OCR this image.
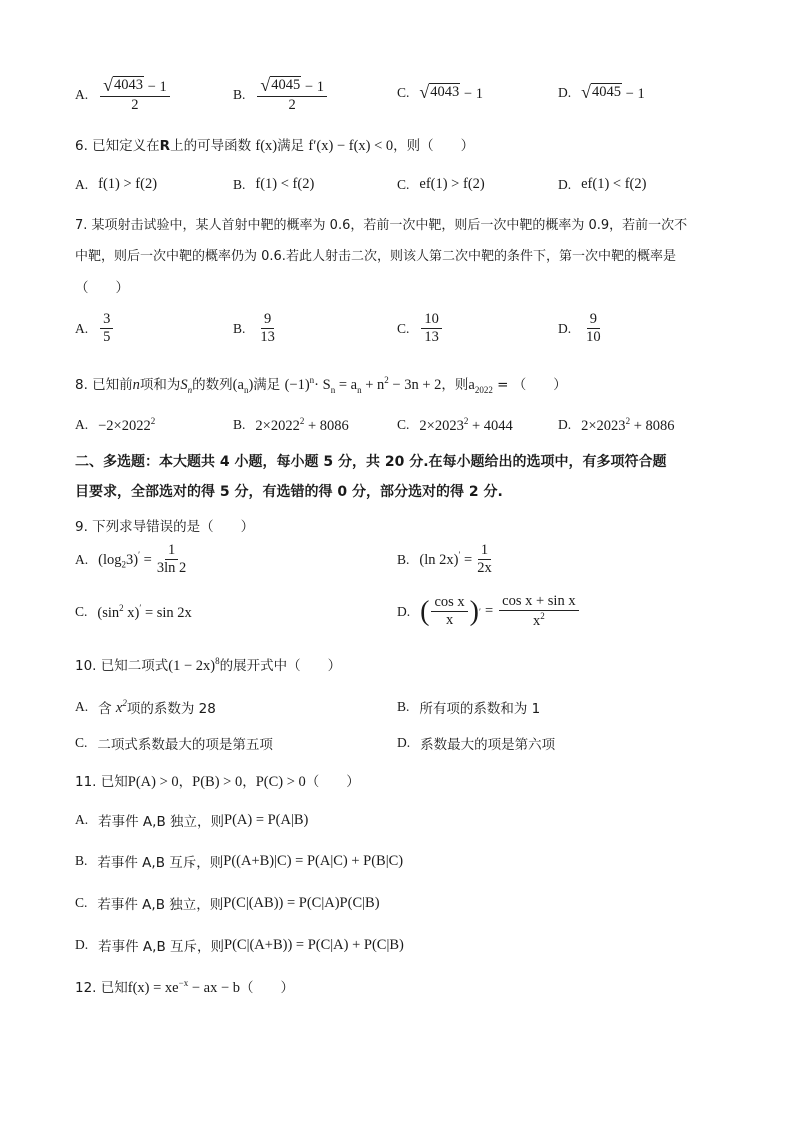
A. $\frac{√ 4043 - 1}{2}$	B. $\frac{√ 4045 - 1}{2}$	C. √ 4043 − 1	D. √ 4045 − 1
6. 已知定义在R上的可导函数 f(x)满足 f′(x) − f(x) < 0，则（　　）
A. f(1) > f(2)	B. f(1) < f(2)	C. ef(1) > f(2)	D. ef(1) < f(2)
7. 某项射击试验中，某人首射中靶的概率为 0.6，若前一次中靶，则后一次中靶的概率为 0.9，若前一次不
中靶，则后一次中靶的概率仍为 0.6.若此人射击二次，则该人第二次中靶的条件下，第一次中靶的概率是
（　　）
A. $\frac{3}{5}$	B. $\frac{9}{13}$	C. $\frac{10}{13}$	D. $\frac{9}{10}$
8. 已知前n项和为$S_n$的数列$(a_n)$满足 $(-1)^n\cdot S_n = a_n + n^2 - 3n + 2$，则$a_{2022}$ = （　　）
A. $-2\times 2022^2$	B. $2\times 2022^2 + 8086$	C. $2\times 2023^2 + 4044$	D. $2\times 2023^2 + 8086$
二、多选题：本大题共 4 小题，每小题 5 分，共 20 分.在每小题给出的选项中，有多项符合题
目要求，全部选对的得 5 分，有选错的得 0 分，部分选对的得 2 分.
9. 下列求导错误的是（　　）
A. $(\log_23)' = \frac{1}{3\ln 2}$	B. (ln $2x)' = \frac{1}{2x}$
C. ($\sin^2$ x)′ = sin 2x	D. ( $\frac{\text{cos x}}{x}$ ) ′ = $\frac{\text{cos x + sin x}}{x^2}$
10. 已知二项式$(1 - 2x)^8$的展开式中（　　）
A. 含
$x^2$ 项的系数为 28	B. 所有项的系数和为 1
C. 二项式系数最大的项是第五项	D. 系数最大的项是第六项
11. 已知P(A) > 0，P(B) > 0，P(C) > 0（　　）
A. 若事件 A,B 独立，则 P(A) = P(A|B)
B. 若事件 A,B 互斥，则 P((A+B)|C) = P(A|C) + P(B|C)
C. 若事件 A,B 独立，则 P(C|(AB)) = P(C|A)P(C|B)
D. 若事件 A,B 互斥，则 P(C|(A+B)) = P(C|A) + P(C|B)
12. 已知$f(x) = xe^{-x}$ − ax − b（　　）
